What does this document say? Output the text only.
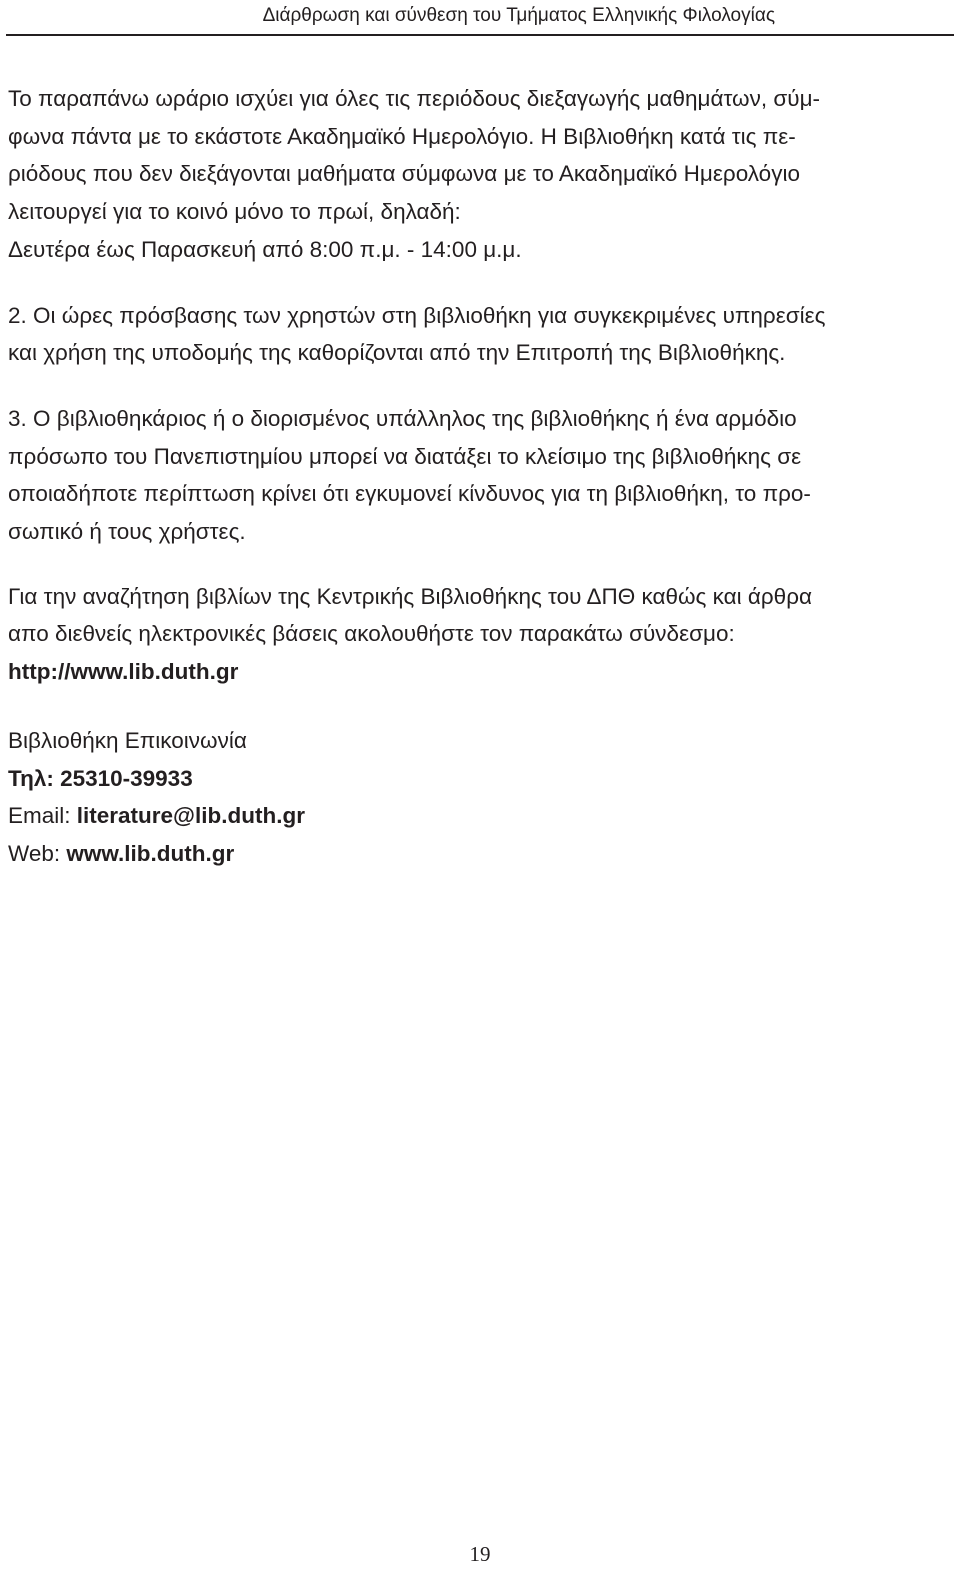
Διάρθρωση και σύνθεση του Τμήματος Ελληνικής Φιλολογίας

Το παραπάνω ωράριο ισχύει για όλες τις περιόδους διεξαγωγής μαθημάτων, σύμ-
φωνα πάντα με το εκάστοτε Ακαδημαϊκό Ημερολόγιο. Η Βιβλιοθήκη κατά τις πε-
ριόδους που δεν διεξάγονται μαθήματα σύμφωνα με το Ακαδημαϊκό Ημερολόγιο
λειτουργεί για το κοινό μόνο το πρωί, δηλαδή:
Δευτέρα έως Παρασκευή από 8:00 π.μ. - 14:00 μ.μ.

2. Οι ώρες πρόσβασης των χρηστών στη βιβλιοθήκη για συγκεκριμένες υπηρεσίες
και χρήση της υποδομής της καθορίζονται από την Επιτροπή της Βιβλιοθήκης.

3. Ο βιβλιοθηκάριος ή ο διορισμένος υπάλληλος της βιβλιοθήκης ή ένα αρμόδιο
πρόσωπο του Πανεπιστημίου μπορεί να διατάξει το κλείσιμο της βιβλιοθήκης σε
οποιαδήποτε περίπτωση κρίνει ότι εγκυμονεί κίνδυνος για τη βιβλιοθήκη, το προ-
σωπικό ή τους χρήστες.

Για την αναζήτηση βιβλίων της Κεντρικής Βιβλιοθήκης του ΔΠΘ καθώς και άρθρα
απο διεθνείς ηλεκτρονικές βάσεις ακολουθήστε τον παρακάτω σύνδεσμο:
http://www.lib.duth.gr

Βιβλιοθήκη Επικοινωνία
Τηλ: 25310-39933
Email: literature@lib.duth.gr
Web: www.lib.duth.gr

19
